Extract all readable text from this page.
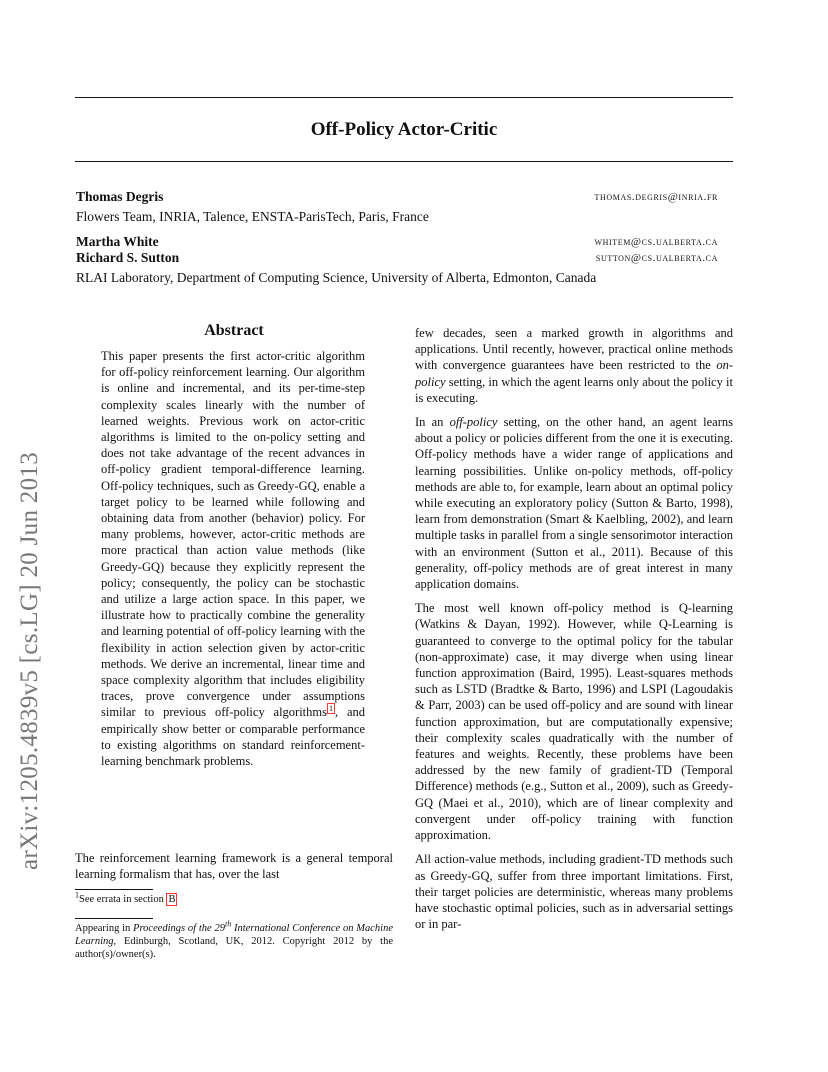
Off-Policy Actor-Critic
Thomas Degris	thomas.degris@inria.fr
Flowers Team, INRIA, Talence, ENSTA-ParisTech, Paris, France
Martha White	whitem@cs.ualberta.ca
Richard S. Sutton	sutton@cs.ualberta.ca
RLAI Laboratory, Department of Computing Science, University of Alberta, Edmonton, Canada
arXiv:1205.4839v5 [cs.LG] 20 Jun 2013
Abstract
This paper presents the first actor-critic algorithm for off-policy reinforcement learning. Our algorithm is online and incremental, and its per-time-step complexity scales linearly with the number of learned weights. Previous work on actor-critic algorithms is limited to the on-policy setting and does not take advantage of the recent advances in off-policy gradient temporal-difference learning. Off-policy techniques, such as Greedy-GQ, enable a target policy to be learned while following and obtaining data from another (behavior) policy. For many problems, however, actor-critic methods are more practical than action value methods (like Greedy-GQ) because they explicitly represent the policy; consequently, the policy can be stochastic and utilize a large action space. In this paper, we illustrate how to practically combine the generality and learning potential of off-policy learning with the flexibility in action selection given by actor-critic methods. We derive an incremental, linear time and space complexity algorithm that includes eligibility traces, prove convergence under assumptions similar to previous off-policy algorithms $^1$ , and empirically show better or comparable performance to existing algorithms on standard reinforcement-learning benchmark problems.

The reinforcement learning framework is a general temporal learning formalism that has, over the last

$^1$See errata in section B
Appearing in Proceedings of the 29th International Conference on Machine Learning, Edinburgh, Scotland, UK, 2012. Copyright 2012 by the author(s)/owner(s).

few decades, seen a marked growth in algorithms and applications. Until recently, however, practical online methods with convergence guarantees have been restricted to the on-policy setting, in which the agent learns only about the policy it is executing.

In an off-policy setting, on the other hand, an agent learns about a policy or policies different from the one it is executing. Off-policy methods have a wider range of applications and learning possibilities. Unlike on-policy methods, off-policy methods are able to, for example, learn about an optimal policy while executing an exploratory policy (Sutton & Barto, 1998), learn from demonstration (Smart & Kaelbling, 2002), and learn multiple tasks in parallel from a single sensorimotor interaction with an environment (Sutton et al., 2011). Because of this generality, off-policy methods are of great interest in many application domains.

The most well known off-policy method is Q-learning (Watkins & Dayan, 1992). However, while Q-Learning is guaranteed to converge to the optimal policy for the tabular (non-approximate) case, it may diverge when using linear function approximation (Baird, 1995). Least-squares methods such as LSTD (Bradtke & Barto, 1996) and LSPI (Lagoudakis & Parr, 2003) can be used off-policy and are sound with linear function approximation, but are computationally expensive; their complexity scales quadratically with the number of features and weights. Recently, these problems have been addressed by the new family of gradient-TD (Temporal Difference) methods (e.g., Sutton et al., 2009), such as Greedy-GQ (Maei et al., 2010), which are of linear complexity and convergent under off-policy training with function approximation.

All action-value methods, including gradient-TD methods such as Greedy-GQ, suffer from three important limitations. First, their target policies are deterministic, whereas many problems have stochastic optimal policies, such as in adversarial settings or in par-
